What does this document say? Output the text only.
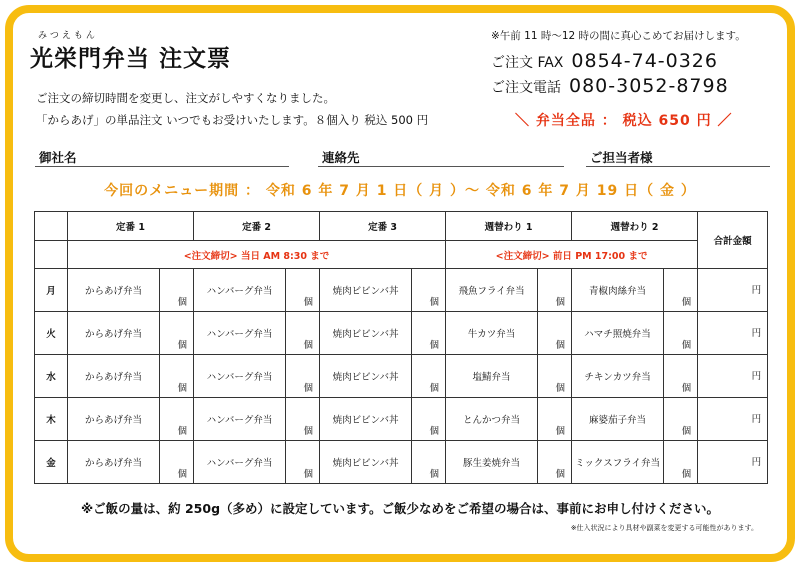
みつえもん
光栄門弁当 注文票
ご注文の締切時間を変更し、注文がしやすくなりました。
「からあげ」の単品注文 いつでもお受けいたします。８個入り 税込 500 円
※午前 11 時～12 時の間に真心こめてお届けします。
ご注文 FAX 0854-74-0326
ご注文電話 080-3052-8798
＼ 弁当全品 ： 税込 650 円 ／
御社名	連絡先	ご担当者様
今回のメニュー期間 ： 令和 6 年 7 月 1 日（ 月 ）～ 令和 6 年 7 月 19 日（ 金 ）
	定番 1		定番 2		定番 3		週替わり 1		週替わり 2		合計金額
	<注文締切> 当日 AM 8:30 まで						<注文締切> 前日 PM 17:00 まで				
月	からあげ弁当	個	ハンバーグ弁当	個	焼肉ビビンバ丼	個	飛魚フライ弁当	個	青椒肉絲弁当	個	円
火	からあげ弁当	個	ハンバーグ弁当	個	焼肉ビビンバ丼	個	牛カツ弁当	個	ハマチ照焼弁当	個	円
水	からあげ弁当	個	ハンバーグ弁当	個	焼肉ビビンバ丼	個	塩鯖弁当	個	チキンカツ弁当	個	円
木	からあげ弁当	個	ハンバーグ弁当	個	焼肉ビビンバ丼	個	とんかつ弁当	個	麻婆茄子弁当	個	円
金	からあげ弁当	個	ハンバーグ弁当	個	焼肉ビビンバ丼	個	豚生姜焼弁当	個	ミックスフライ弁当	個	円
※ご飯の量は、約 250g（多め）に設定しています。ご飯少なめをご希望の場合は、事前にお申し付けください。
※仕入状況により具材や副菜を変更する可能性があります。
